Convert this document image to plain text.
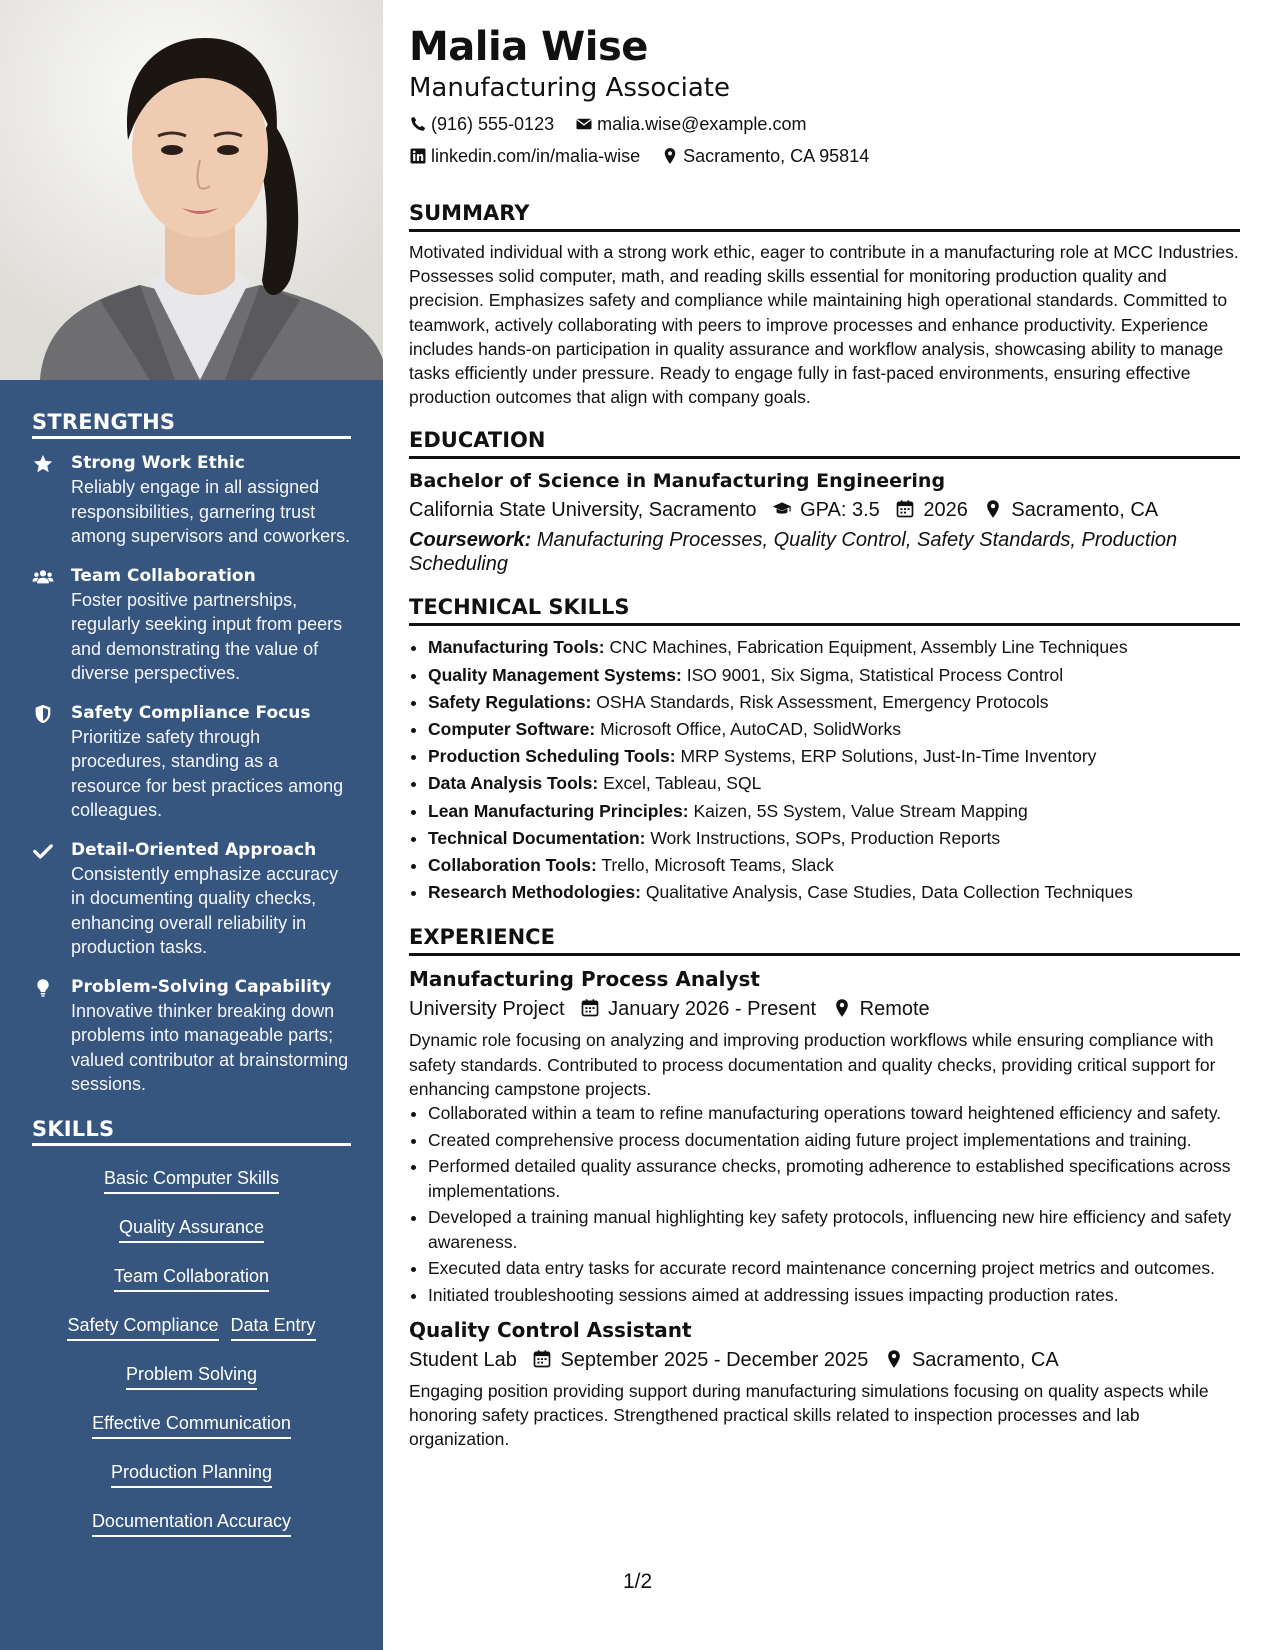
STRENGTHS
Strong Work Ethic
Reliably engage in all assigned responsibilities, garnering trust among supervisors and coworkers.
Team Collaboration
Foster positive partnerships, regularly seeking input from peers and demonstrating the value of diverse perspectives.
Safety Compliance Focus
Prioritize safety through procedures, standing as a resource for best practices among colleagues.
Detail-Oriented Approach
Consistently emphasize accuracy in documenting quality checks, enhancing overall reliability in production tasks.
Problem-Solving Capability
Innovative thinker breaking down problems into manageable parts; valued contributor at brainstorming sessions.
SKILLS
Basic Computer Skills
Quality Assurance
Team Collaboration
Safety Compliance Data Entry
Problem Solving
Effective Communication
Production Planning
Documentation Accuracy
Malia Wise
Manufacturing Associate
(916) 555-0123 malia.wise@example.com
linkedin.com/in/malia-wise Sacramento, CA 95814
SUMMARY

Motivated individual with a strong work ethic, eager to contribute in a manufacturing role at MCC Industries. Possesses solid computer, math, and reading skills essential for monitoring production quality and precision. Emphasizes safety and compliance while maintaining high operational standards. Committed to teamwork, actively collaborating with peers to improve processes and enhance productivity. Experience includes hands-on participation in quality assurance and workflow analysis, showcasing ability to manage tasks efficiently under pressure. Ready to engage fully in fast-paced environments, ensuring effective production outcomes that align with company goals.

EDUCATION
Bachelor of Science in Manufacturing Engineering
California State University, Sacramento GPA: 3.5 2026 Sacramento, CA
Coursework: Manufacturing Processes, Quality Control, Safety Standards, Production Scheduling
TECHNICAL SKILLS
• Manufacturing Tools: CNC Machines, Fabrication Equipment, Assembly Line Techniques
• Quality Management Systems: ISO 9001, Six Sigma, Statistical Process Control
• Safety Regulations: OSHA Standards, Risk Assessment, Emergency Protocols
• Computer Software: Microsoft Office, AutoCAD, SolidWorks
• Production Scheduling Tools: MRP Systems, ERP Solutions, Just-In-Time Inventory
• Data Analysis Tools: Excel, Tableau, SQL
• Lean Manufacturing Principles: Kaizen, 5S System, Value Stream Mapping
• Technical Documentation: Work Instructions, SOPs, Production Reports
• Collaboration Tools: Trello, Microsoft Teams, Slack
• Research Methodologies: Qualitative Analysis, Case Studies, Data Collection Techniques
EXPERIENCE
Manufacturing Process Analyst
University Project January 2026 - Present Remote

Dynamic role focusing on analyzing and improving production workflows while ensuring compliance with safety standards. Contributed to process documentation and quality checks, providing critical support for enhancing campstone projects.

• Collaborated within a team to refine manufacturing operations toward heightened efficiency and safety.
• Created comprehensive process documentation aiding future project implementations and training.
• Performed detailed quality assurance checks, promoting adherence to established specifications across implementations.
• Developed a training manual highlighting key safety protocols, influencing new hire efficiency and safety awareness.
• Executed data entry tasks for accurate record maintenance concerning project metrics and outcomes.
• Initiated troubleshooting sessions aimed at addressing issues impacting production rates.
Quality Control Assistant
Student Lab September 2025 - December 2025 Sacramento, CA

Engaging position providing support during manufacturing simulations focusing on quality aspects while honoring safety practices. Strengthened practical skills related to inspection processes and lab organization.

1/2
